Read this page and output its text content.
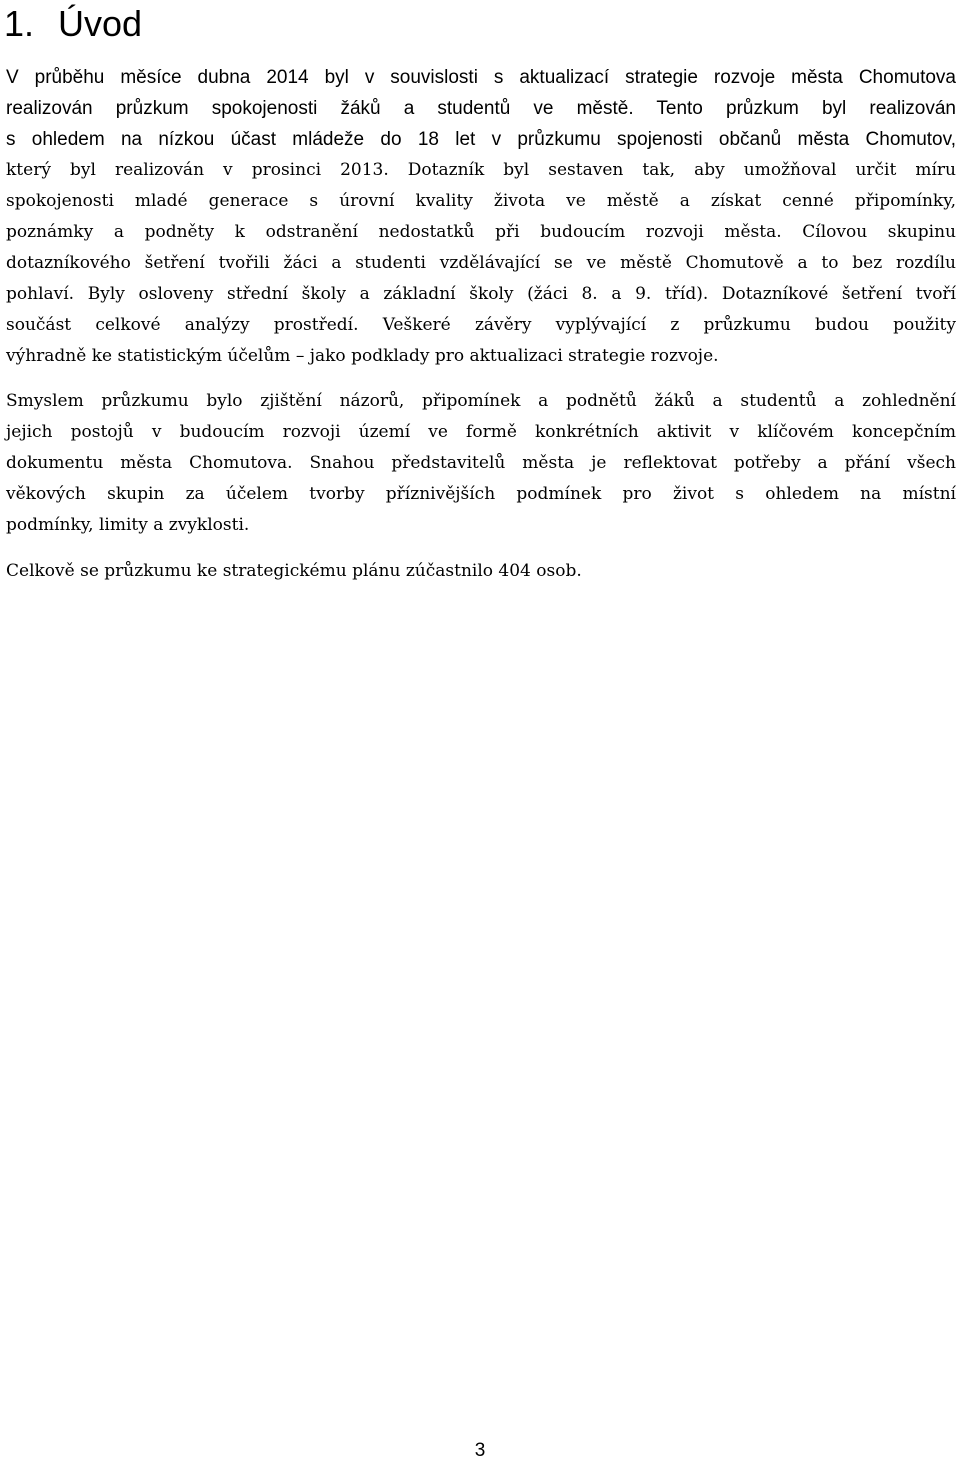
1. Úvod
V průběhu měsíce dubna 2014 byl v souvislosti s aktualizací strategie rozvoje města Chomutova
realizován průzkum spokojenosti žáků a studentů ve městě. Tento průzkum byl realizován
s ohledem na nízkou účast mládeže do 18 let v průzkumu spojenosti občanů města Chomutov,
který byl realizován v prosinci 2013. Dotazník byl sestaven tak, aby umožňoval určit míru
spokojenosti mladé generace s úrovní kvality života ve městě a získat cenné připomínky,
poznámky a podněty k odstranění nedostatků při budoucím rozvoji města. Cílovou skupinu
dotazníkového šetření tvořili žáci a studenti vzdělávající se ve městě Chomutově a to bez rozdílu
pohlaví. Byly osloveny střední školy a základní školy (žáci 8. a 9. tříd). Dotazníkové šetření tvoří
součást celkové analýzy prostředí. Veškeré závěry vyplývající z průzkumu budou použity
výhradně ke statistickým účelům – jako podklady pro aktualizaci strategie rozvoje.
Smyslem průzkumu bylo zjištění názorů, připomínek a podnětů žáků a studentů a zohlednění
jejich postojů v budoucím rozvoji území ve formě konkrétních aktivit v klíčovém koncepčním
dokumentu města Chomutova. Snahou představitelů města je reflektovat potřeby a přání všech
věkových skupin za účelem tvorby příznivějších podmínek pro život s ohledem na místní
podmínky, limity a zvyklosti.
Celkově se průzkumu ke strategickému plánu zúčastnilo 404 osob.
3
